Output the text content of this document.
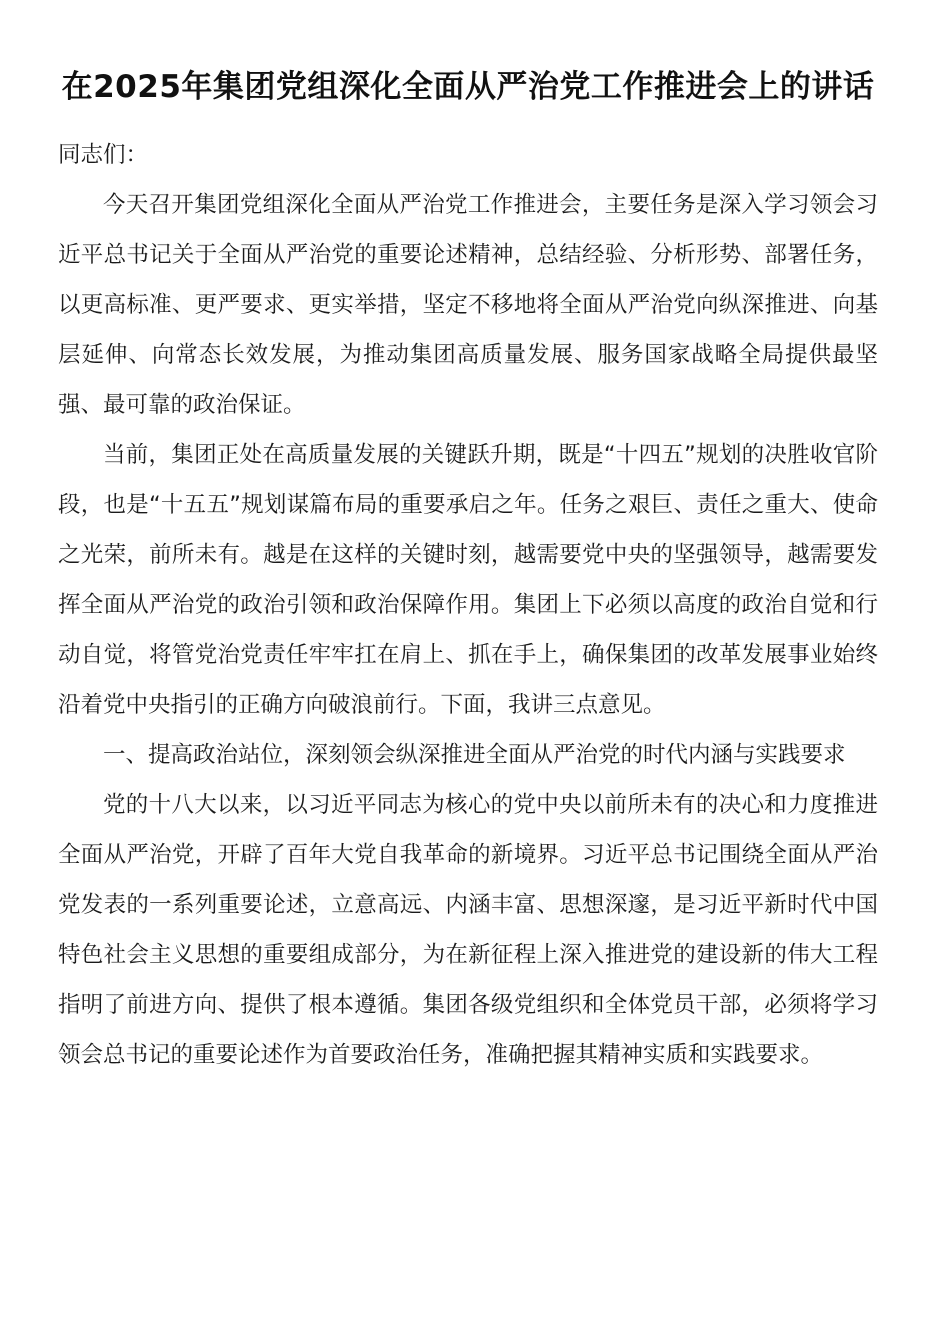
在2025年集团党组深化全面从严治党工作推进会上的讲话

同志们：

今天召开集团党组深化全面从严治党工作推进会，主要任务是深入学习领会习近平总书记关于全面从严治党的重要论述精神，总结经验、分析形势、部署任务，以更高标准、更严要求、更实举措，坚定不移地将全面从严治党向纵深推进、向基层延伸、向常态长效发展，为推动集团高质量发展、服务国家战略全局提供最坚强、最可靠的政治保证。

当前，集团正处在高质量发展的关键跃升期，既是“十四五”规划的决胜收官阶段，也是“十五五”规划谋篇布局的重要承启之年。任务之艰巨、责任之重大、使命之光荣，前所未有。越是在这样的关键时刻，越需要党中央的坚强领导，越需要发挥全面从严治党的政治引领和政治保障作用。集团上下必须以高度的政治自觉和行动自觉，将管党治党责任牢牢扛在肩上、抓在手上，确保集团的改革发展事业始终沿着党中央指引的正确方向破浪前行。下面，我讲三点意见。

一、提高政治站位，深刻领会纵深推进全面从严治党的时代内涵与实践要求

党的十八大以来，以习近平同志为核心的党中央以前所未有的决心和力度推进全面从严治党，开辟了百年大党自我革命的新境界。习近平总书记围绕全面从严治党发表的一系列重要论述，立意高远、内涵丰富、思想深邃，是习近平新时代中国特色社会主义思想的重要组成部分，为在新征程上深入推进党的建设新的伟大工程指明了前进方向、提供了根本遵循。集团各级党组织和全体党员干部，必须将学习领会总书记的重要论述作为首要政治任务，准确把握其精神实质和实践要求。
